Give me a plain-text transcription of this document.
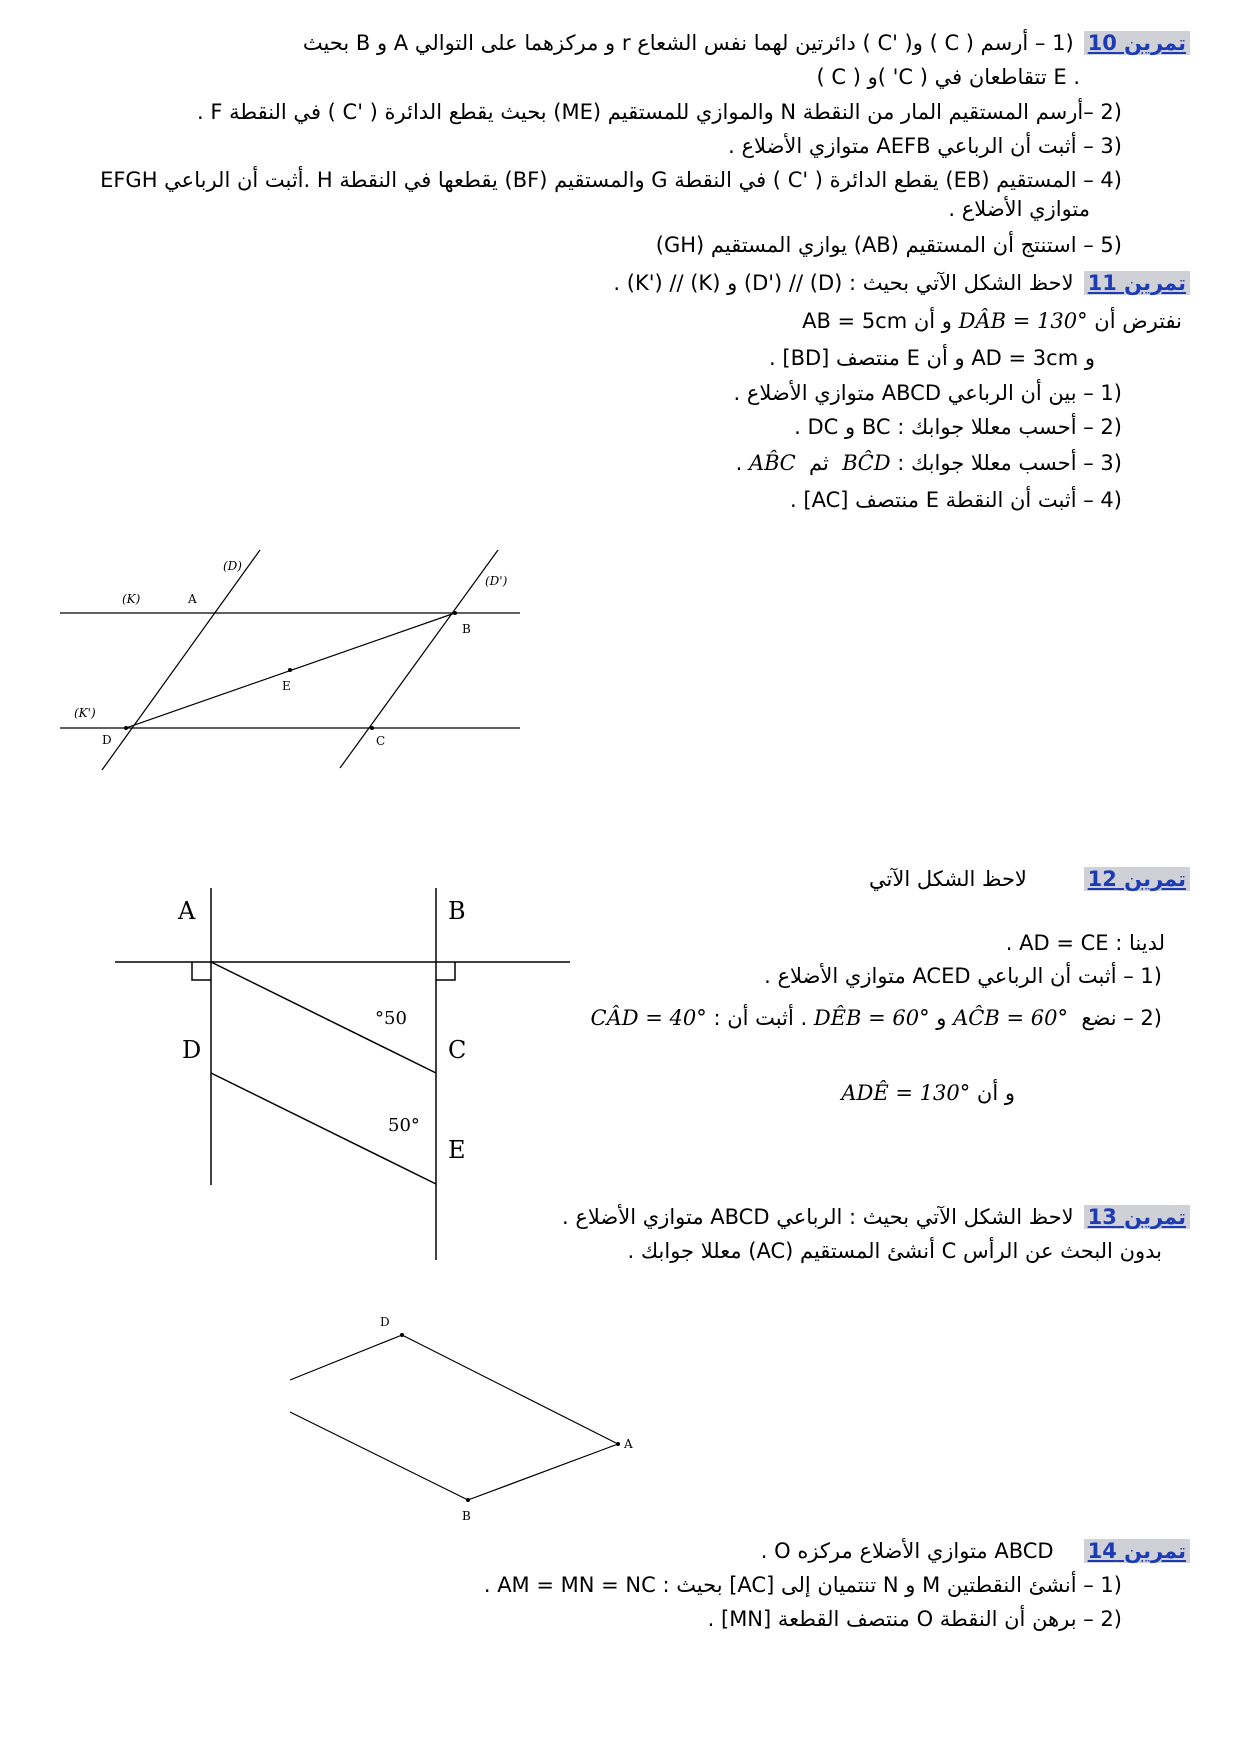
تمرين 10(1 – أرسم ( C ) و( 'C ) دائرتين لهما نفس الشعاع r و مركزهما على التوالي A و B بحيث
( C ) و( 'C ) تتقاطعان في E .
(2 –أرسم المستقيم المار من النقطة N والموازي للمستقيم (ME) بحيث يقطع الدائرة ( 'C ) في النقطة F .
(3 – أثبت أن الرباعي AEFB متوازي الأضلاع .
(4 – المستقيم (EB) يقطع الدائرة ( 'C ) في النقطة G والمستقيم (BF) يقطعها في النقطة H .أثبت أن الرباعي EFGH
متوازي الأضلاع .
(5 – استنتج أن المستقيم (AB) يوازي المستقيم (GH)
تمرين 11لاحظ الشكل الآتي بحيث : (D) // ('D) و (K) // ('K) .
نفترض أن DÂB = 130° و أن AB = 5cm
و AD = 3cm و أن E منتصف [BD] .
(1 – بين أن الرباعي ABCD متوازي الأضلاع .
(2 – أحسب معللا جوابك : BC و DC .
(3 – أحسب معللا جوابك : BĈD  ثم  AB̂C .
(4 – أثبت أن النقطة E منتصف [AC] .
(D)
(D')
(K)
(K')
A
B
E
D	C
تمرين 12       لاحظ الشكل الآتي
لدينا : AD = CE .
(1 – أثبت أن الرباعي ACED متوازي الأضلاع .
(2 – نضع  AĈB = 60° و DÊB = 60° . أثبت أن : CÂD = 40°
و أن ADÊ = 130°
A	B
D	C
E
°50
50°
تمرين 13لاحظ الشكل الآتي بحيث : الرباعي ABCD متوازي الأضلاع .
بدون البحث عن الرأس C أنشئ المستقيم (AC) معللا جوابك .
D
A
B
تمرين 14   ABCD متوازي الأضلاع مركزه O .
(1 – أنشئ النقطتين M و N تنتميان إلى [AC] بحيث : AM = MN = NC .
(2 – برهن أن النقطة O منتصف القطعة [MN] .
